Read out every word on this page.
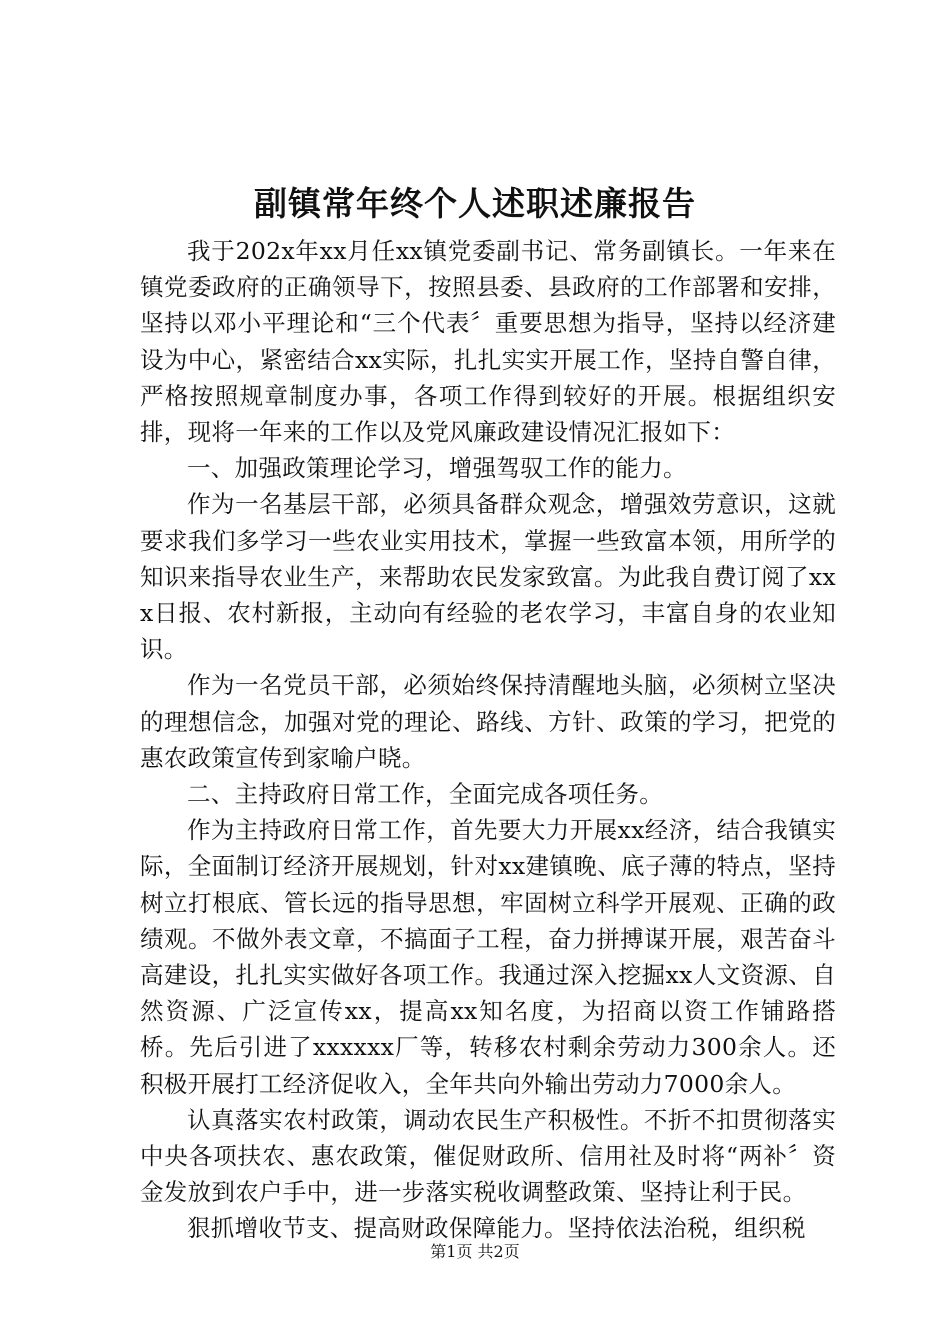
副镇常年终个人述职述廉报告

我于202x年xx月任xx镇党委副书记、常务副镇长。一年来在镇党委政府的正确领导下，按照县委、县政府的工作部署和安排，坚持以邓小平理论和“三个代表〞重要思想为指导，坚持以经济建设为中心，紧密结合xx实际，扎扎实实开展工作，坚持自警自律，严格按照规章制度办事，各项工作得到较好的开展。根据组织安排，现将一年来的工作以及党风廉政建设情况汇报如下：

一、加强政策理论学习，增强驾驭工作的能力。

作为一名基层干部，必须具备群众观念，增强效劳意识，这就要求我们多学习一些农业实用技术，掌握一些致富本领，用所学的知识来指导农业生产，来帮助农民发家致富。为此我自费订阅了xxx日报、农村新报，主动向有经验的老农学习，丰富自身的农业知识。

作为一名党员干部，必须始终保持清醒地头脑，必须树立坚决的理想信念，加强对党的理论、路线、方针、政策的学习，把党的惠农政策宣传到家喻户晓。

二、主持政府日常工作，全面完成各项任务。

作为主持政府日常工作，首先要大力开展xx经济，结合我镇实际，全面制订经济开展规划，针对xx建镇晚、底子薄的特点，坚持树立打根底、管长远的指导思想，牢固树立科学开展观、正确的政绩观。不做外表文章，不搞面子工程，奋力拼搏谋开展，艰苦奋斗高建设，扎扎实实做好各项工作。我通过深入挖掘xx人文资源、自然资源、广泛宣传xx，提高xx知名度，为招商以资工作铺路搭桥。先后引进了xxxxxx厂等，转移农村剩余劳动力300余人。还积极开展打工经济促收入，全年共向外输出劳动力7000余人。

认真落实农村政策，调动农民生产积极性。不折不扣贯彻落实中央各项扶农、惠农政策，催促财政所、信用社及时将“两补〞资金发放到农户手中，进一步落实税收调整政策、坚持让利于民。

狠抓增收节支、提高财政保障能力。坚持依法治税，组织税

第1页 共2页
